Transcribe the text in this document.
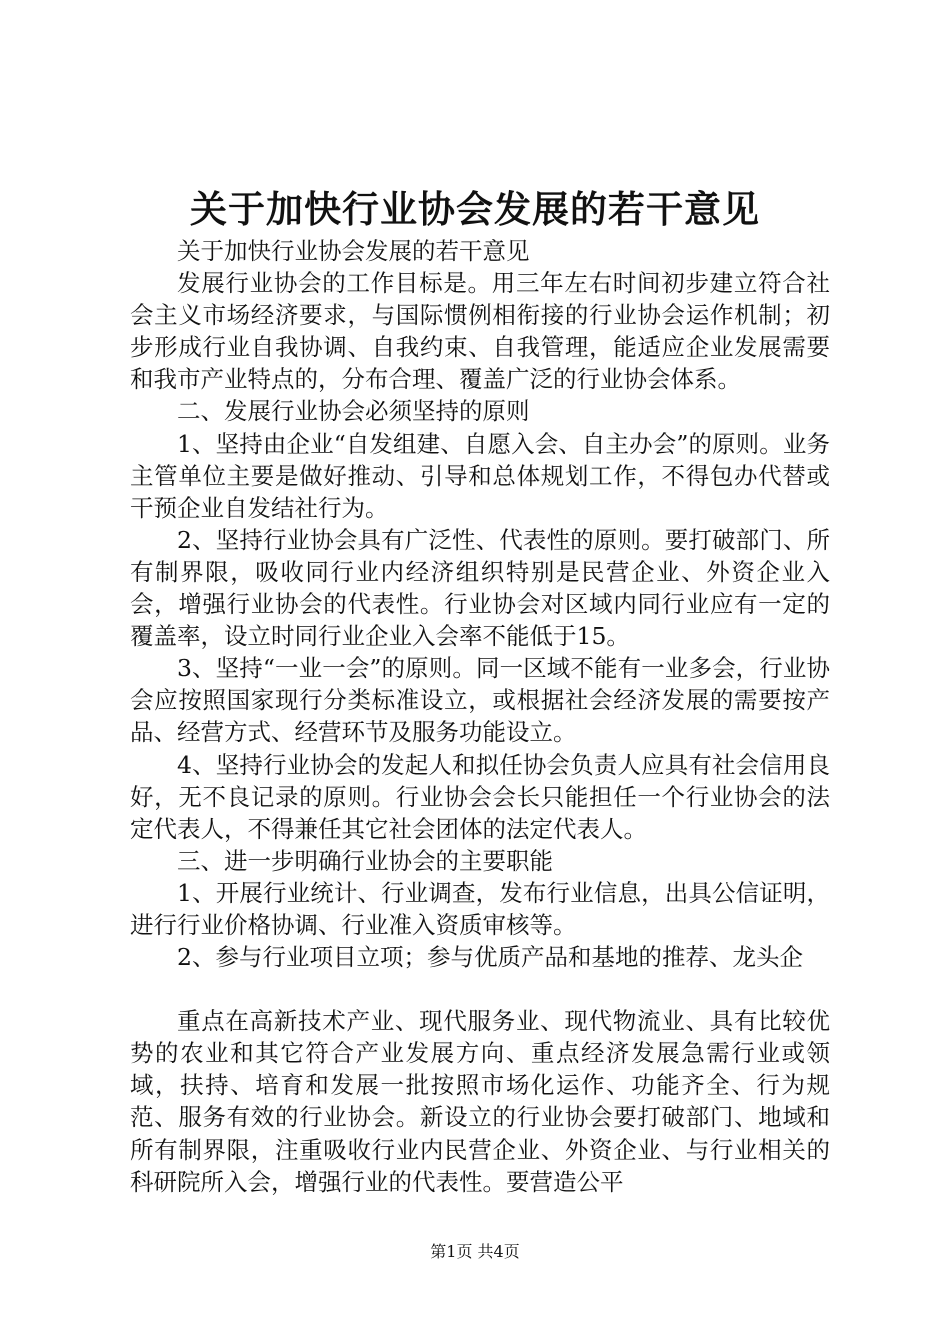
关于加快行业协会发展的若干意见

关于加快行业协会发展的若干意见

发展行业协会的工作目标是。用三年左右时间初步建立符合社会主义市场经济要求，与国际惯例相衔接的行业协会运作机制；初步形成行业自我协调、自我约束、自我管理，能适应企业发展需要和我市产业特点的，分布合理、覆盖广泛的行业协会体系。

二、发展行业协会必须坚持的原则

1、坚持由企业“自发组建、自愿入会、自主办会”的原则。业务主管单位主要是做好推动、引导和总体规划工作，不得包办代替或干预企业自发结社行为。

2、坚持行业协会具有广泛性、代表性的原则。要打破部门、所有制界限，吸收同行业内经济组织特别是民营企业、外资企业入会，增强行业协会的代表性。行业协会对区域内同行业应有一定的覆盖率，设立时同行业企业入会率不能低于15。

3、坚持“一业一会”的原则。同一区域不能有一业多会，行业协会应按照国家现行分类标准设立，或根据社会经济发展的需要按产品、经营方式、经营环节及服务功能设立。

4、坚持行业协会的发起人和拟任协会负责人应具有社会信用良好，无不良记录的原则。行业协会会长只能担任一个行业协会的法定代表人，不得兼任其它社会团体的法定代表人。

三、进一步明确行业协会的主要职能

1、开展行业统计、行业调查，发布行业信息，出具公信证明，进行行业价格协调、行业准入资质审核等。

2、参与行业项目立项；参与优质产品和基地的推荐、龙头企

重点在高新技术产业、现代服务业、现代物流业、具有比较优势的农业和其它符合产业发展方向、重点经济发展急需行业或领域，扶持、培育和发展一批按照市场化运作、功能齐全、行为规范、服务有效的行业协会。新设立的行业协会要打破部门、地域和所有制界限，注重吸收行业内民营企业、外资企业、与行业相关的科研院所入会，增强行业的代表性。要营造公平

第1页 共4页
